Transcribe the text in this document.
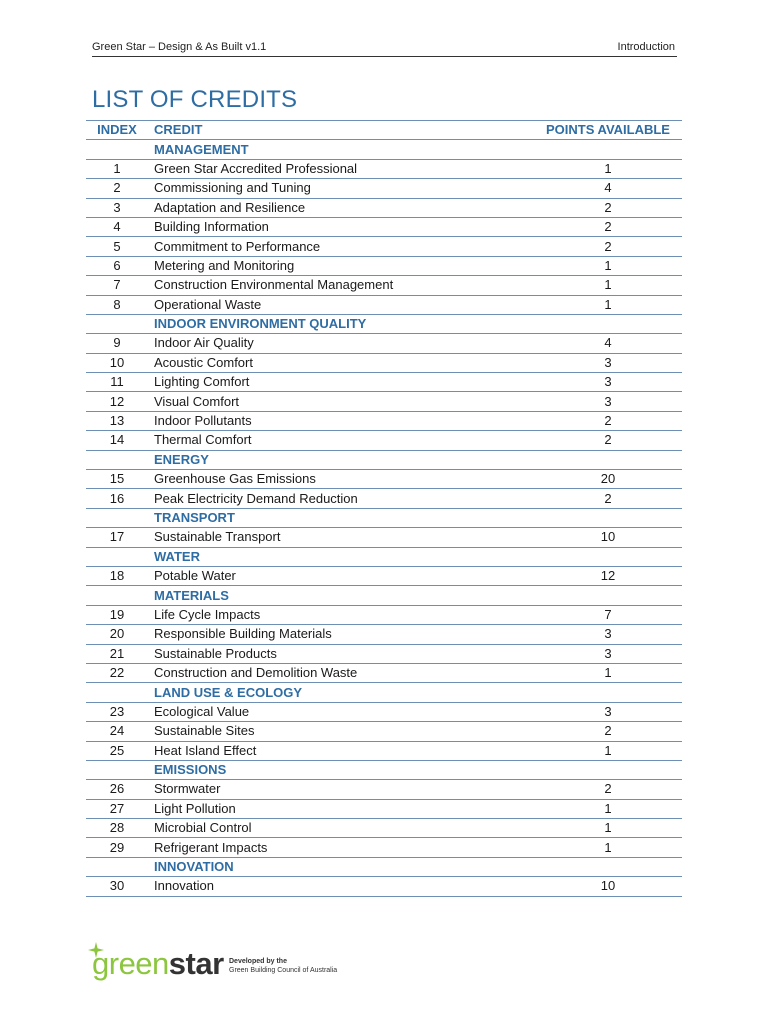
Green Star – Design & As Built v1.1	Introduction
LIST OF CREDITS
INDEX	CREDIT	POINTS AVAILABLE
	MANAGEMENT	
1	Green Star Accredited Professional	1
2	Commissioning and Tuning	4
3	Adaptation and Resilience	2
4	Building Information	2
5	Commitment to Performance	2
6	Metering and Monitoring	1
7	Construction Environmental Management	1
8	Operational Waste	1
	INDOOR ENVIRONMENT QUALITY	
9	Indoor Air Quality	4
10	Acoustic Comfort	3
11	Lighting Comfort	3
12	Visual Comfort	3
13	Indoor Pollutants	2
14	Thermal Comfort	2
	ENERGY	
15	Greenhouse Gas Emissions	20
16	Peak Electricity Demand Reduction	2
	TRANSPORT	
17	Sustainable Transport	10
	WATER	
18	Potable Water	12
	MATERIALS	
19	Life Cycle Impacts	7
20	Responsible Building Materials	3
21	Sustainable Products	3
22	Construction and Demolition Waste	1
	LAND USE & ECOLOGY	
23	Ecological Value	3
24	Sustainable Sites	2
25	Heat Island Effect	1
	EMISSIONS	
26	Stormwater	2
27	Light Pollution	1
28	Microbial Control	1
29	Refrigerant Impacts	1
	INNOVATION	
30	Innovation	10
greenstar Developed by the
Green Building Council of Australia
